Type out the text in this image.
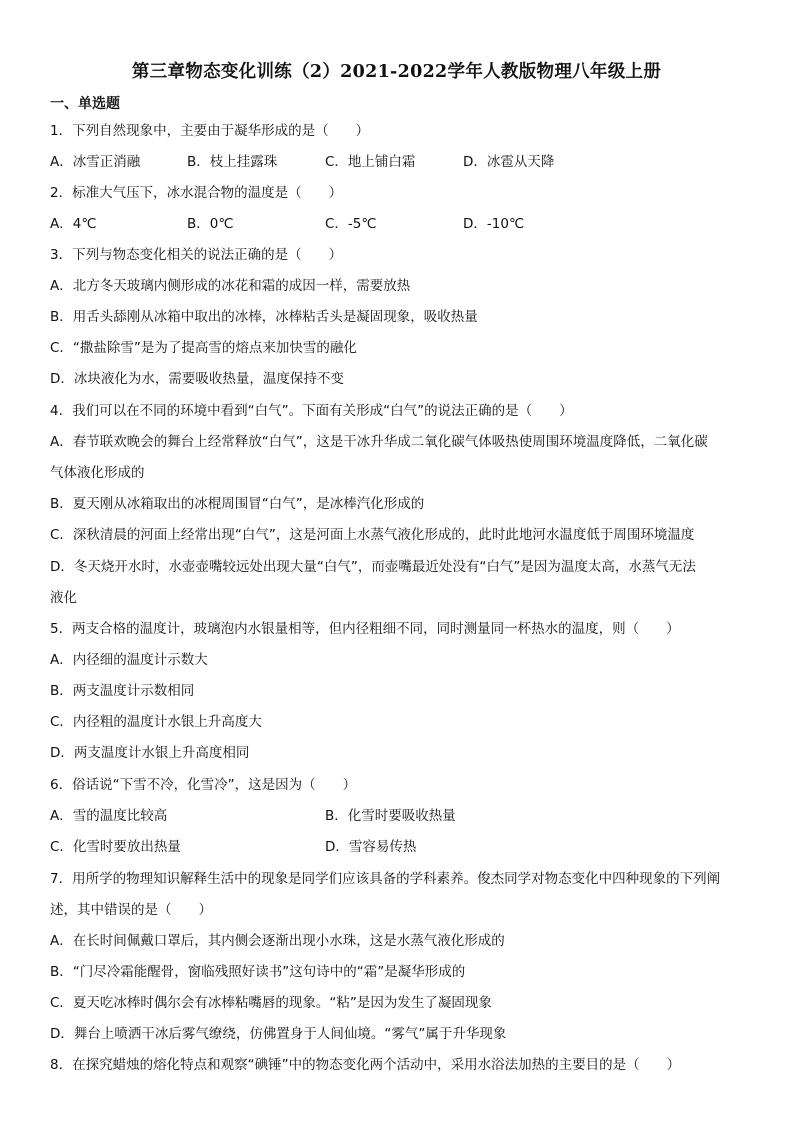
第三章物态变化训练（2）2021-2022学年人教版物理八年级上册
一、单选题
1．下列自然现象中，主要由于凝华形成的是（　　）
A．冰雪正消融	B．枝上挂露珠	C．地上铺白霜	D．冰雹从天降
2．标准大气压下，冰水混合物的温度是（　　）
A．4℃	B．0℃	C．-5℃	D．-10℃
3．下列与物态变化相关的说法正确的是（　　）
A．北方冬天玻璃内侧形成的冰花和霜的成因一样，需要放热
B．用舌头舔刚从冰箱中取出的冰棒，冰棒粘舌头是凝固现象，吸收热量
C．“撒盐除雪”是为了提高雪的熔点来加快雪的融化
D．冰块液化为水，需要吸收热量，温度保持不变
4．我们可以在不同的环境中看到“白气”。下面有关形成“白气”的说法正确的是（　　）
A．春节联欢晚会的舞台上经常释放“白气”，这是干冰升华成二氧化碳气体吸热使周围环境温度降低，二氧化碳
气体液化形成的
B．夏天刚从冰箱取出的冰棍周围冒“白气”，是冰棒汽化形成的
C．深秋清晨的河面上经常出现“白气”，这是河面上水蒸气液化形成的，此时此地河水温度低于周围环境温度
D．冬天烧开水时，水壶壶嘴较远处出现大量“白气”，而壶嘴最近处没有“白气”是因为温度太高，水蒸气无法
液化
5．两支合格的温度计，玻璃泡内水银量相等，但内径粗细不同，同时测量同一杯热水的温度，则（　　）
A．内径细的温度计示数大
B．两支温度计示数相同
C．内径粗的温度计水银上升高度大
D．两支温度计水银上升高度相同
6．俗话说“下雪不冷，化雪冷”，这是因为（　　）
A．雪的温度比较高	B．化雪时要吸收热量
C．化雪时要放出热量	D．雪容易传热
7．用所学的物理知识解释生活中的现象是同学们应该具备的学科素养。俊杰同学对物态变化中四种现象的下列阐
述，其中错误的是（　　）
A．在长时间佩戴口罩后，其内侧会逐渐出现小水珠，这是水蒸气液化形成的
B．“门尽冷霜能醒骨，窗临残照好读书”这句诗中的“霜”是凝华形成的
C．夏天吃冰棒时偶尔会有冰棒粘嘴唇的现象。“粘”是因为发生了凝固现象
D．舞台上喷洒干冰后雾气缭绕，仿佛置身于人间仙境。“雾气”属于升华现象
8．在探究蜡烛的熔化特点和观察“碘锤”中的物态变化两个活动中，采用水浴法加热的主要目的是（　　）
